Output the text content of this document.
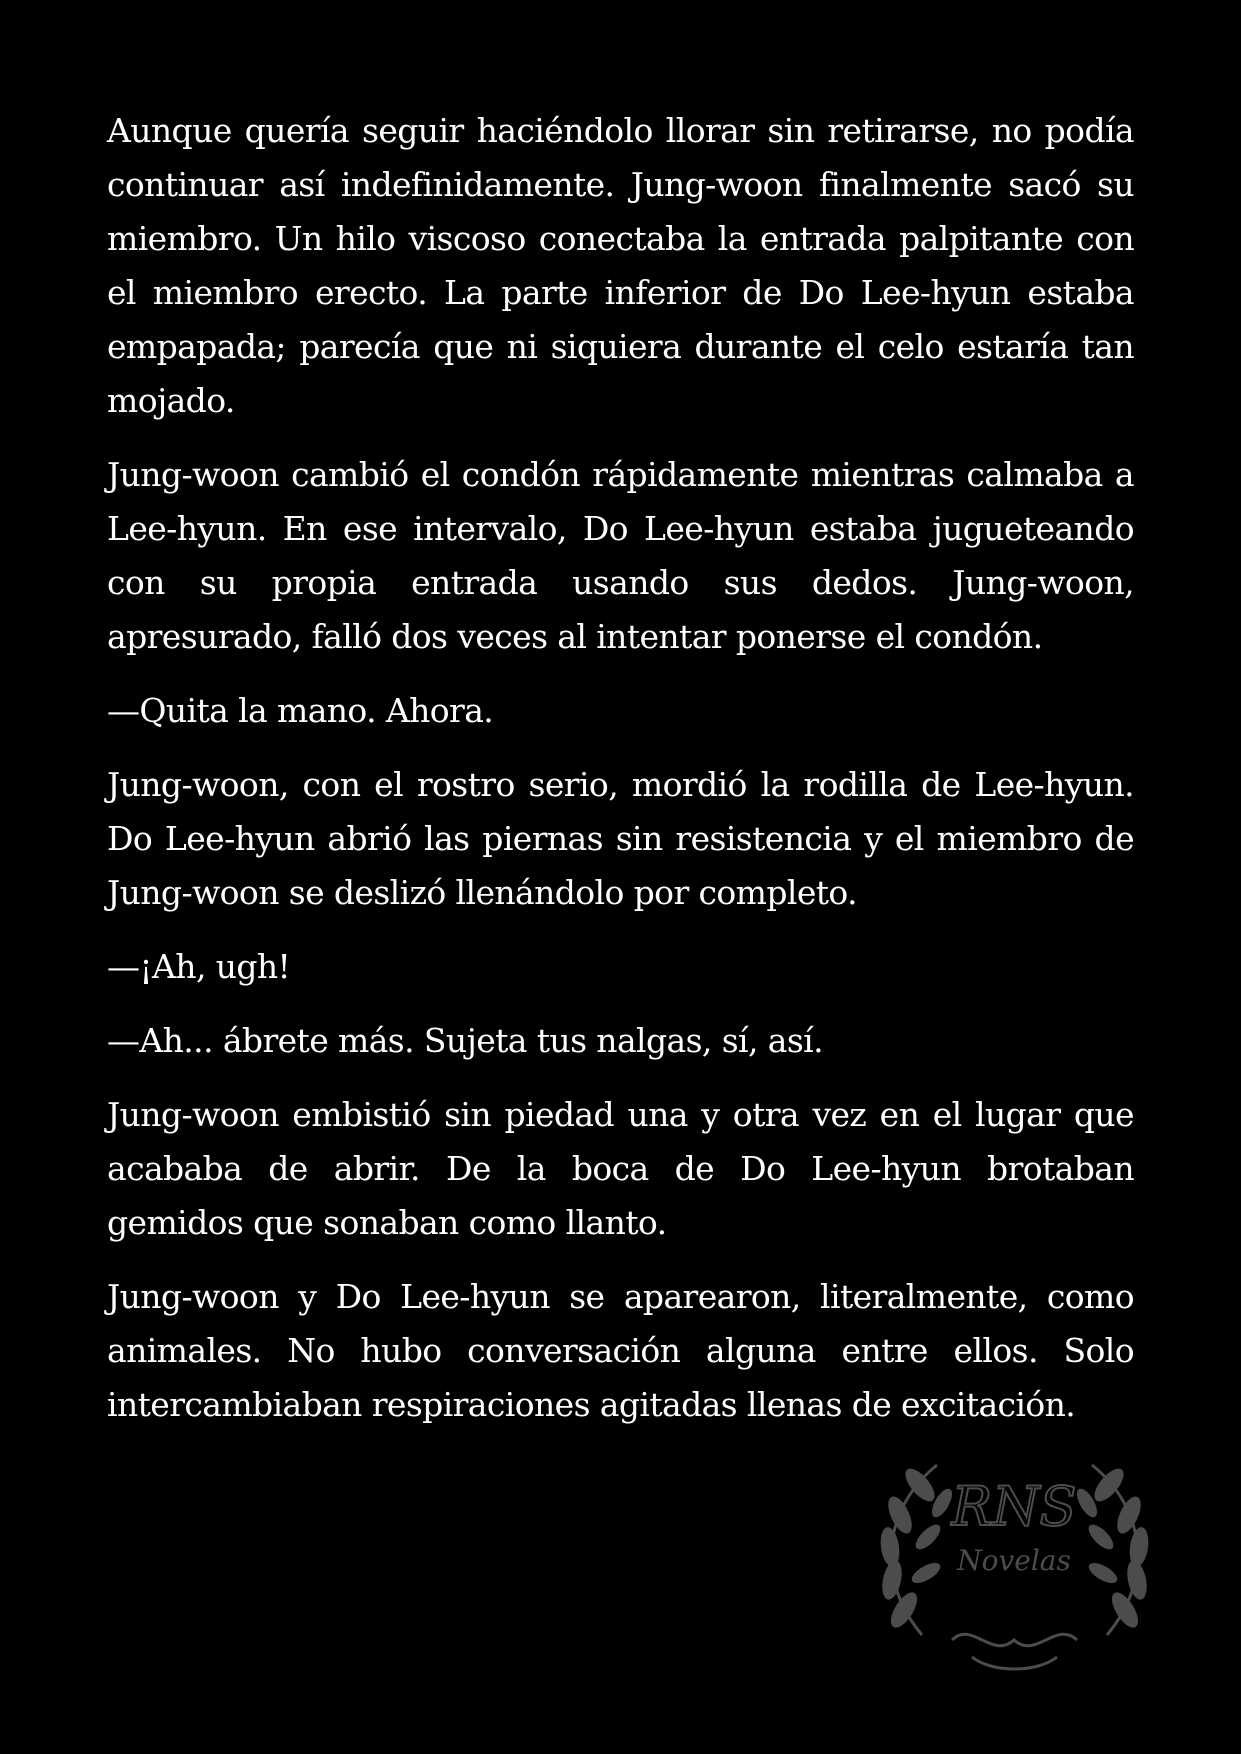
Aunque quería seguir haciéndolo llorar sin retirarse, no podía continuar así indefinidamente. Jung-woon finalmente sacó su miembro. Un hilo viscoso conectaba la entrada palpitante con el miembro erecto. La parte inferior de Do Lee-hyun estaba empapada; parecía que ni siquiera durante el celo estaría tan mojado.

Jung-woon cambió el condón rápidamente mientras calmaba a Lee-hyun. En ese intervalo, Do Lee-hyun estaba jugueteando con su propia entrada usando sus dedos. Jung-woon, apresurado, falló dos veces al intentar ponerse el condón.

—Quita la mano. Ahora.

Jung-woon, con el rostro serio, mordió la rodilla de Lee-hyun. Do Lee-hyun abrió las piernas sin resistencia y el miembro de Jung-woon se deslizó llenándolo por completo.

—¡Ah, ugh!

—Ah... ábrete más. Sujeta tus nalgas, sí, así.

Jung-woon embistió sin piedad una y otra vez en el lugar que acababa de abrir. De la boca de Do Lee-hyun brotaban gemidos que sonaban como llanto.

Jung-woon y Do Lee-hyun se aparearon, literalmente, como animales. No hubo conversación alguna entre ellos. Solo intercambiaban respiraciones agitadas llenas de excitación.

RNS
Novelas
